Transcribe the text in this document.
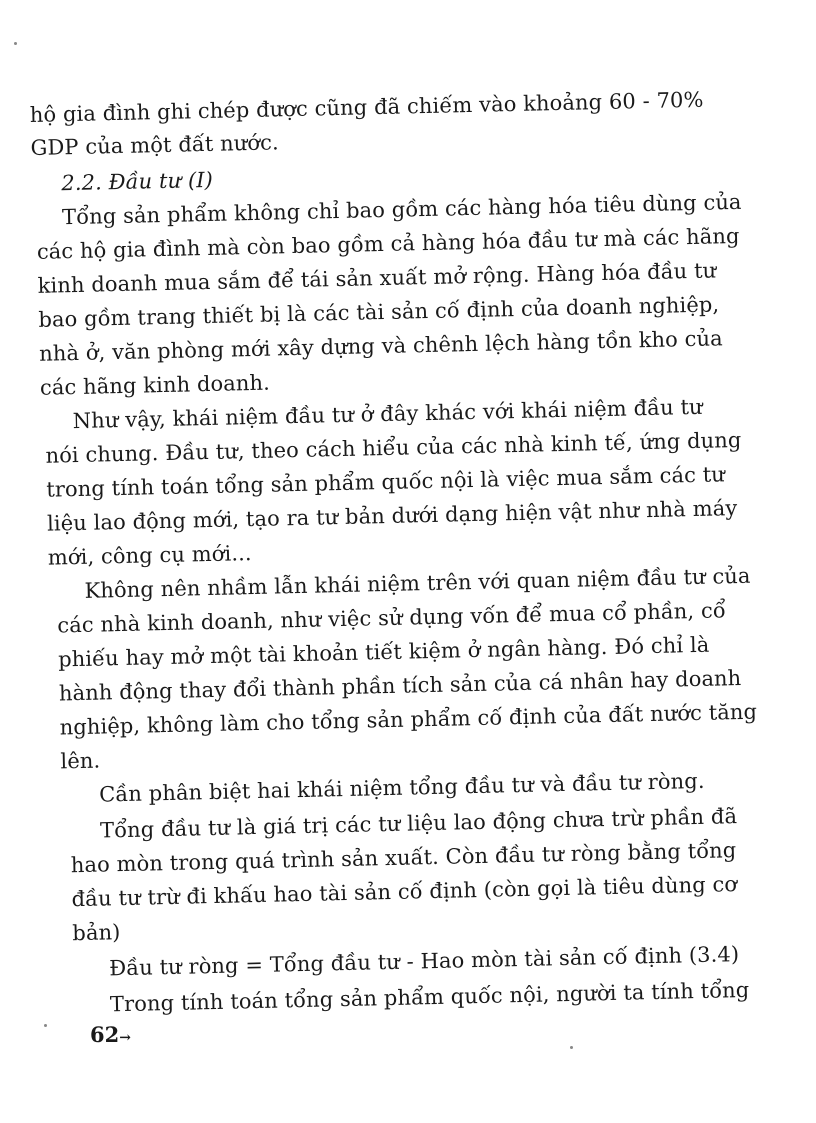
hộ gia đình ghi chép được cũng đã chiếm vào khoảng 60 - 70%
GDP của một đất nước.
2.2. Đầu tư (I)
Tổng sản phẩm không chỉ bao gồm các hàng hóa tiêu dùng của
các hộ gia đình mà còn bao gồm cả hàng hóa đầu tư mà các hãng
kinh doanh mua sắm để tái sản xuất mở rộng. Hàng hóa đầu tư
bao gồm trang thiết bị là các tài sản cố định của doanh nghiệp,
nhà ở, văn phòng mới xây dựng và chênh lệch hàng tồn kho của
các hãng kinh doanh.
Như vậy, khái niệm đầu tư ở đây khác với khái niệm đầu tư
nói chung. Đầu tư, theo cách hiểu của các nhà kinh tế, ứng dụng
trong tính toán tổng sản phẩm quốc nội là việc mua sắm các tư
liệu lao động mới, tạo ra tư bản dưới dạng hiện vật như nhà máy
mới, công cụ mới...
Không nên nhầm lẫn khái niệm trên với quan niệm đầu tư của
các nhà kinh doanh, như việc sử dụng vốn để mua cổ phần, cổ
phiếu hay mở một tài khoản tiết kiệm ở ngân hàng. Đó chỉ là
hành động thay đổi thành phần tích sản của cá nhân hay doanh
nghiệp, không làm cho tổng sản phẩm cố định của đất nước tăng
lên.
Cần phân biệt hai khái niệm tổng đầu tư và đầu tư ròng.
Tổng đầu tư là giá trị các tư liệu lao động chưa trừ phần đã
hao mòn trong quá trình sản xuất. Còn đầu tư ròng bằng tổng
đầu tư trừ đi khấu hao tài sản cố định (còn gọi là tiêu dùng cơ
bản)
Đầu tư ròng = Tổng đầu tư - Hao mòn tài sản cố định (3.4)
Trong tính toán tổng sản phẩm quốc nội, người ta tính tổng
62→
